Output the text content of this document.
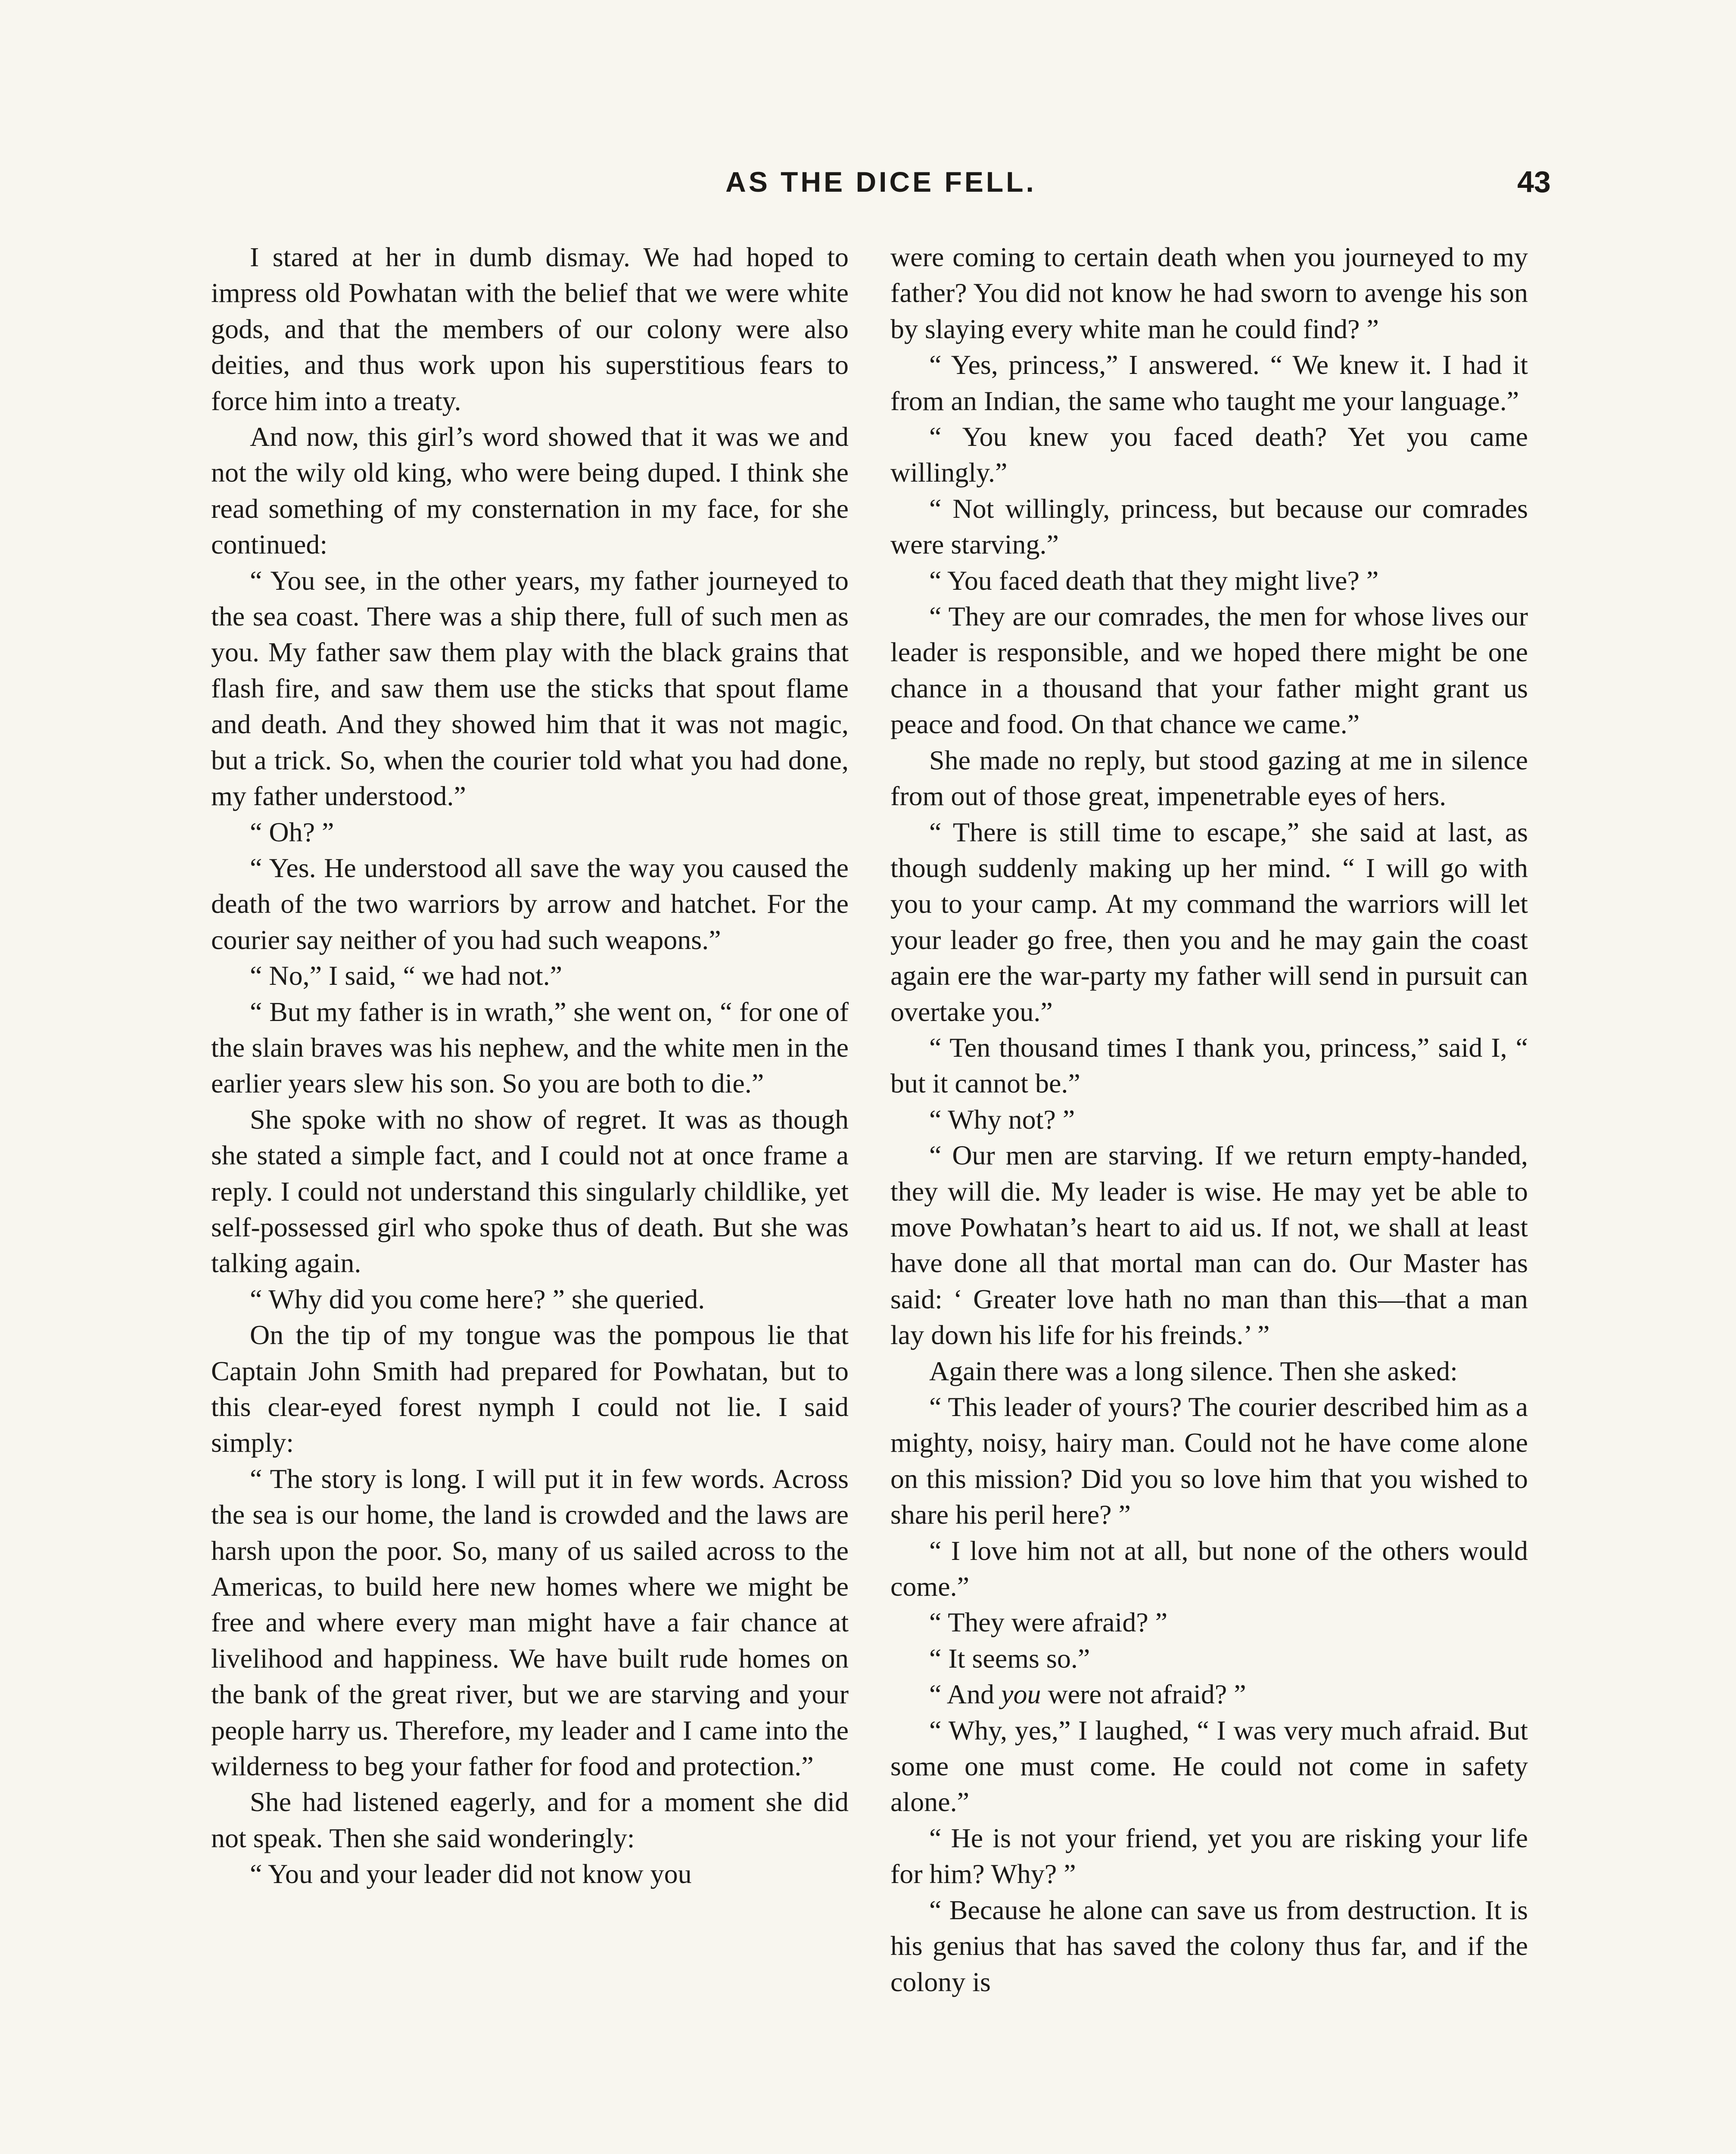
AS THE DICE FELL.	43

I stared at her in dumb dismay. We had hoped to impress old Powhatan with the belief that we were white gods, and that the members of our colony were also deities, and thus work upon his superstitious fears to force him into a treaty.

And now, this girl’s word showed that it was we and not the wily old king, who were being duped. I think she read something of my consternation in my face, for she continued:

“ You see, in the other years, my father journeyed to the sea coast. There was a ship there, full of such men as you. My father saw them play with the black grains that flash fire, and saw them use the sticks that spout flame and death. And they showed him that it was not magic, but a trick. So, when the courier told what you had done, my father understood.”

“ Oh? ”

“ Yes. He understood all save the way you caused the death of the two warriors by arrow and hatchet. For the courier say neither of you had such weapons.”

“ No,” I said, “ we had not.”

“ But my father is in wrath,” she went on, “ for one of the slain braves was his nephew, and the white men in the earlier years slew his son. So you are both to die.”

She spoke with no show of regret. It was as though she stated a simple fact, and I could not at once frame a reply. I could not understand this singularly childlike, yet self-possessed girl who spoke thus of death. But she was talking again.

“ Why did you come here? ” she queried.

On the tip of my tongue was the pompous lie that Captain John Smith had prepared for Powhatan, but to this clear-eyed forest nymph I could not lie. I said simply:

“ The story is long. I will put it in few words. Across the sea is our home, the land is crowded and the laws are harsh upon the poor. So, many of us sailed across to the Americas, to build here new homes where we might be free and where every man might have a fair chance at livelihood and happiness. We have built rude homes on the bank of the great river, but we are starving and your people harry us. Therefore, my leader and I came into the wilderness to beg your father for food and protection.”

She had listened eagerly, and for a moment she did not speak. Then she said wonderingly:

“ You and your leader did not know you

were coming to certain death when you journeyed to my father? You did not know he had sworn to avenge his son by slaying every white man he could find? ”

“ Yes, princess,” I answered. “ We knew it. I had it from an Indian, the same who taught me your language.”

“ You knew you faced death? Yet you came willingly.”

“ Not willingly, princess, but because our comrades were starving.”

“ You faced death that they might live? ”

“ They are our comrades, the men for whose lives our leader is responsible, and we hoped there might be one chance in a thousand that your father might grant us peace and food. On that chance we came.”

She made no reply, but stood gazing at me in silence from out of those great, impenetrable eyes of hers.

“ There is still time to escape,” she said at last, as though suddenly making up her mind. “ I will go with you to your camp. At my command the warriors will let your leader go free, then you and he may gain the coast again ere the war-party my father will send in pursuit can overtake you.”

“ Ten thousand times I thank you, princess,” said I, “ but it cannot be.”

“ Why not? ”

“ Our men are starving. If we return empty-handed, they will die. My leader is wise. He may yet be able to move Powhatan’s heart to aid us. If not, we shall at least have done all that mortal man can do. Our Master has said: ‘ Greater love hath no man than this—that a man lay down his life for his freinds.’ ”

Again there was a long silence. Then she asked:

“ This leader of yours? The courier described him as a mighty, noisy, hairy man. Could not he have come alone on this mission? Did you so love him that you wished to share his peril here? ”

“ I love him not at all, but none of the others would come.”

“ They were afraid? ”

“ It seems so.”

“ And you were not afraid? ”

“ Why, yes,” I laughed, “ I was very much afraid. But some one must come. He could not come in safety alone.”

“ He is not your friend, yet you are risking your life for him? Why? ”

“ Because he alone can save us from destruction. It is his genius that has saved the colony thus far, and if the colony is
